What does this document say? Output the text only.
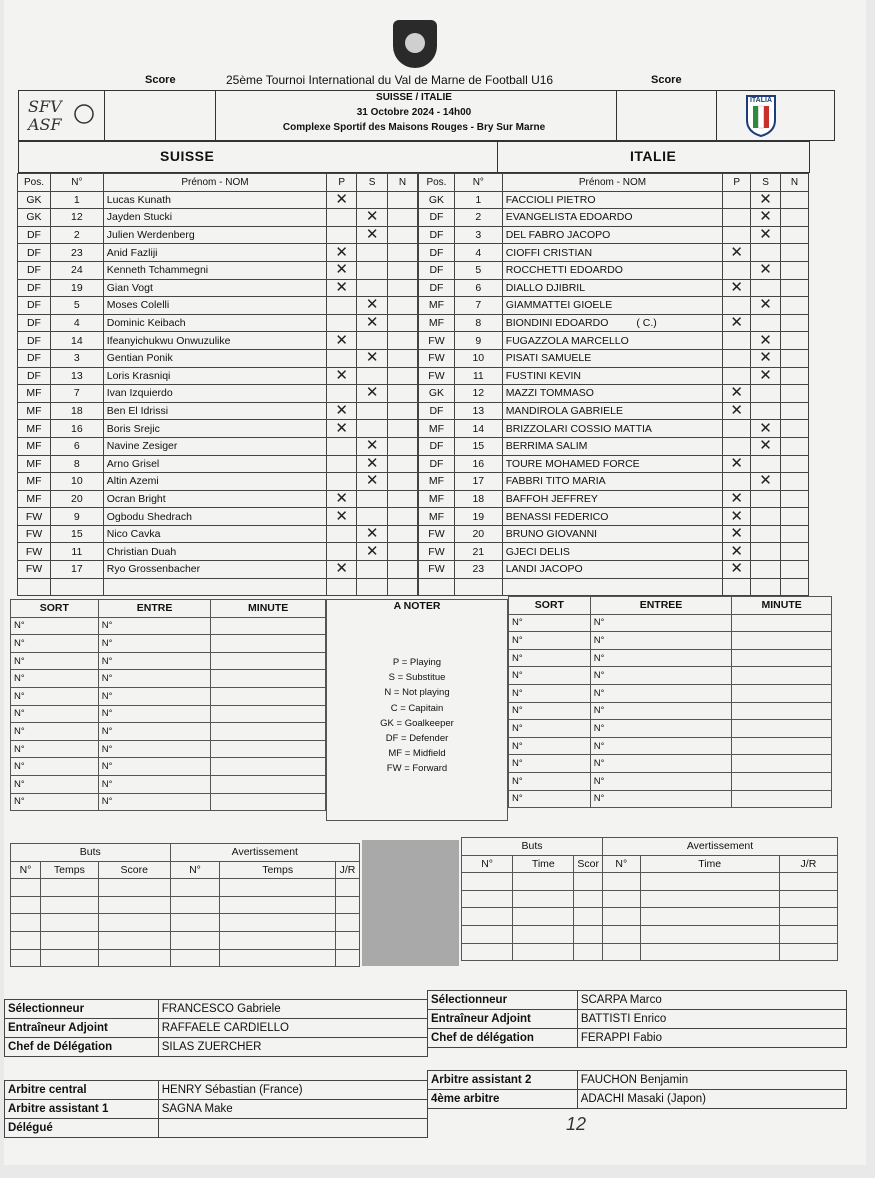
Score	25ème Tournoi International du Val de Marne de Football U16	Score
SFV
ASF
SUISSE / ITALIE
31 Octobre 2024 - 14h00
Complexe Sportif des Maisons Rouges - Bry Sur Marne
ITALIA
SUISSE	ITALIE
Pos.	N°	Prénom - NOM	P	S	N
GK	1	Lucas Kunath	✕		
GK	12	Jayden Stucki		✕	
DF	2	Julien Werdenberg		✕	
DF	23	Anid Fazliji	✕		
DF	24	Kenneth Tchammegni	✕		
DF	19	Gian Vogt	✕		
DF	5	Moses Colelli		✕	
DF	4	Dominic Keibach		✕	
DF	14	Ifeanyichukwu Onwuzulike	✕		
DF	3	Gentian Ponik		✕	
DF	13	Loris Krasniqi	✕		
MF	7	Ivan Izquierdo		✕	
MF	18	Ben El Idrissi	✕		
MF	16	Boris Srejic	✕		
MF	6	Navine Zesiger		✕	
MF	8	Arno Grisel		✕	
MF	10	Altin Azemi		✕	
MF	20	Ocran Bright	✕		
FW	9	Ogbodu Shedrach	✕		
FW	15	Nico Cavka		✕	
FW	11	Christian Duah		✕	
FW	17	Ryo Grossenbacher	✕		

Pos.	N°	Prénom - NOM	P	S	N
GK	1	FACCIOLI PIETRO		✕	
DF	2	EVANGELISTA EDOARDO		✕	
DF	3	DEL FABRO JACOPO		✕	
DF	4	CIOFFI CRISTIAN	✕		
DF	5	ROCCHETTI EDOARDO		✕	
DF	6	DIALLO DJIBRIL	✕		
MF	7	GIAMMATTEI GIOELE		✕	
MF	8	BIONDINI EDOARDO ( C.)	✕		
FW	9	FUGAZZOLA MARCELLO		✕	
FW	10	PISATI SAMUELE		✕	
FW	11	FUSTINI KEVIN		✕	
GK	12	MAZZI TOMMASO	✕		
DF	13	MANDIROLA GABRIELE	✕		
MF	14	BRIZZOLARI COSSIO MATTIA		✕	
DF	15	BERRIMA SALIM		✕	
DF	16	TOURE MOHAMED FORCE	✕		
MF	17	FABBRI TITO MARIA		✕	
MF	18	BAFFOH JEFFREY	✕		
MF	19	BENASSI FEDERICO	✕		
FW	20	BRUNO GIOVANNI	✕		
FW	21	GJECI DELIS	✕		
FW	23	LANDI JACOPO	✕		

SORT	ENTRE	MINUTE
N°	N°	
N°	N°	
N°	N°	
N°	N°	
N°	N°	
N°	N°	
N°	N°	
N°	N°	
N°	N°	
N°	N°	
N°	N°	
A NOTER
P = Playing
S = Substitue
N = Not playing
C = Capitain
GK = Goalkeeper
DF = Defender
MF = Midfield
FW = Forward
SORT	ENTREE	MINUTE
N°	N°	
N°	N°	
N°	N°	
N°	N°	
N°	N°	
N°	N°	
N°	N°	
N°	N°	
N°	N°	
N°	N°	
N°	N°	
Buts			Avertissement		
N°	Temps	Score	N°	Temps	J/R

Buts			Avertissement		
N°	Time	Scor	N°	Time	J/R

Sélectionneur	FRANCESCO Gabriele
Entraîneur Adjoint	RAFFAELE CARDIELLO
Chef de Délégation	SILAS ZUERCHER
Sélectionneur	SCARPA Marco
Entraîneur Adjoint	BATTISTI Enrico
Chef de délégation	FERAPPI Fabio
Arbitre central	HENRY Sébastian (France)
Arbitre assistant 1	SAGNA Make
Délégué	
Arbitre assistant 2	FAUCHON Benjamin
4ème arbitre	ADACHI Masaki (Japon)
12
